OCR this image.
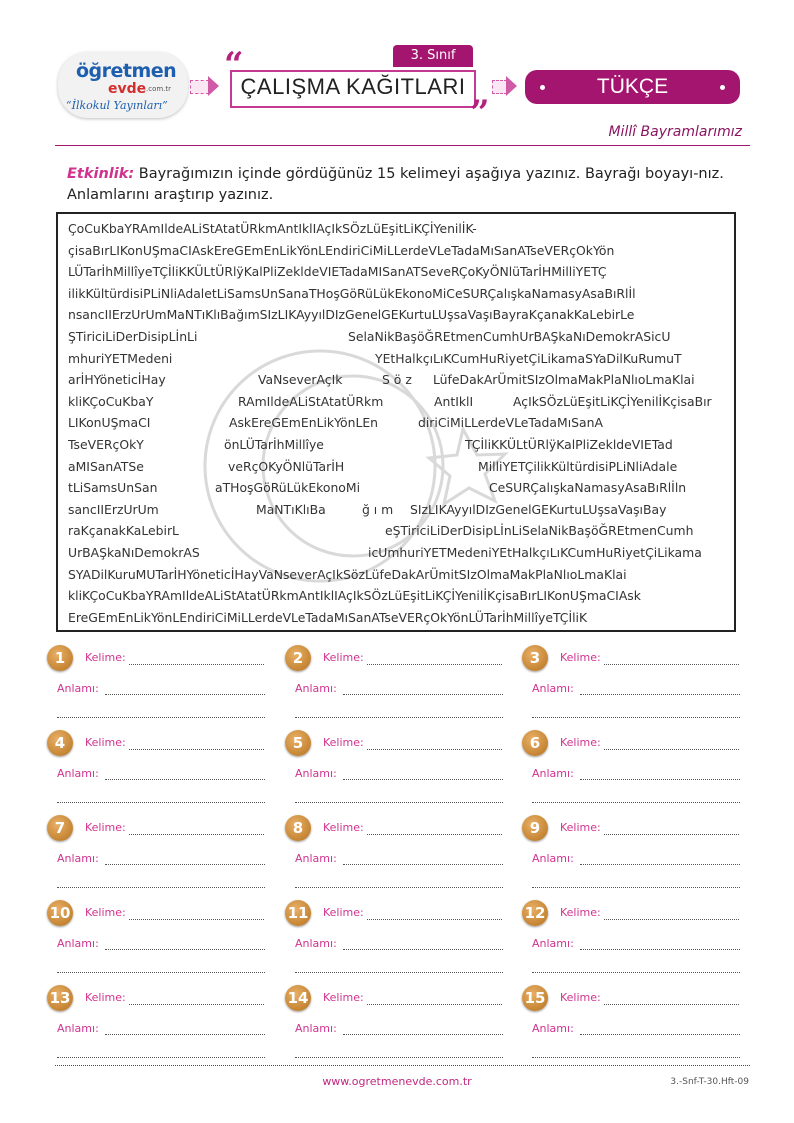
öğretmen
evde .com.tr
“İlkokul Yayınları”
“	3. Sınıf
ÇALIŞMA KAĞITLARI
”
TÜKÇE
Millî Bayramlarımız
Etkinlik: Bayrağımızın içinde gördüğünüz 15 kelimeyi aşağıya yazınız. Bayrağı boyayı-nız. Anlamlarını araştırıp yazınız.
ÇoCuKbaYRAmIldeALiStAtatÜRkmAntIklIAçIkSÖzLüEşitLiKÇİYenilİK-
çisaBırLIKonUŞmaCIAskEreGEmEnLikYönLEndiriCiMiLLerdeVLeTadaMıSanATseVERçOkYön
LÜTarİhMillîyeTÇİliKKÜLtÜRlÿKalPliZekldeVIETadaMISanATSeveRÇoKyÖNlüTarİHMilliYETÇ
ilikKültürdisiPLiNliAdaletLiSamsUnSanaTHoşGöRüLükEkonoMiCeSURÇalışkaNamasyAsaBıRlİl
nsancIIErzUrUmMaNTıKlıBağımSIzLIKAyyılDIzGenelGEKurtuLUşsaVaşıBayraKçanakKaLebirLe
ŞTiriciLiDerDisipLİnLi	SelaNikBaşöĞREtmenCumhUrBAŞkaNıDemokrASicU
mhuriYETMedeni	YEtHalkçıLıKCumHuRiyetÇiLikamaSYaDilKuRumuT
arİHYöneticİHay	VaNseverAçIk	S ö z LüfeDakArÜmitSIzOlmaMakPlaNlıoLmaKlai
kliKÇoCuKbaY	RAmIldeALiStAtatÜRkm	AntIklI	AçIkSÖzLüEşitLiKÇİYenilİKçisaBır
LIKonUŞmaCI	AskEreGEmEnLikYönLEn	diriCiMiLLerdeVLeTadaMıSanA
TseVERçOkY	önLÜTarİhMillîye	TÇİliKKÜLtÜRlÿKalPliZekldeVIETad
aMISanATSe	veRçOKyÖNlüTarİH	MilliYETÇilikKültürdisiPLiNliAdale
tLiSamsUnSan	aTHoşGöRüLükEkonoMi	CeSURÇalışkaNamasyAsaBıRlİln
sancIIErzUrUm	MaNTıKlıBa	ğ ı m SIzLIKAyyılDIzGenelGEKurtuLUşsaVaşıBay
raKçanakKaLebirL	eŞTiriciLiDerDisipLİnLiSelaNikBaşöĞREtmenCumh
UrBAŞkaNıDemokrAS	icUmhuriYETMedeniYEtHalkçıLıKCumHuRiyetÇiLikama
SYADilKuruMUTarİHYöneticİHayVaNseverAçIkSözLüfeDakArÜmitSIzOlmaMakPlaNlıoLmaKlai
kliKÇoCuKbaYRAmIldeALiStAtatÜRkmAntIklIAçIkSÖzLüEşitLiKÇİYenilİKçisaBırLIKonUŞmaCIAsk
EreGEmEnLikYönLEndiriCiMiLLerdeVLeTadaMıSanATseVERçOkYönLÜTarİhMillîyeTÇİliK
1	Kelime:
Anlamı:
2	Kelime:
Anlamı:
3	Kelime:
Anlamı:
4	Kelime:
Anlamı:
5	Kelime:
Anlamı:
6	Kelime:
Anlamı:
7	Kelime:
Anlamı:
8	Kelime:
Anlamı:
9	Kelime:
Anlamı:
10 Kelime:
Anlamı:
11 Kelime:
Anlamı:
12 Kelime:
Anlamı:
13 Kelime:
Anlamı:
14 Kelime:
Anlamı:
15 Kelime:
Anlamı:
www.ogretmenevde.com.tr	3.-Snf-T-30.Hft-09
